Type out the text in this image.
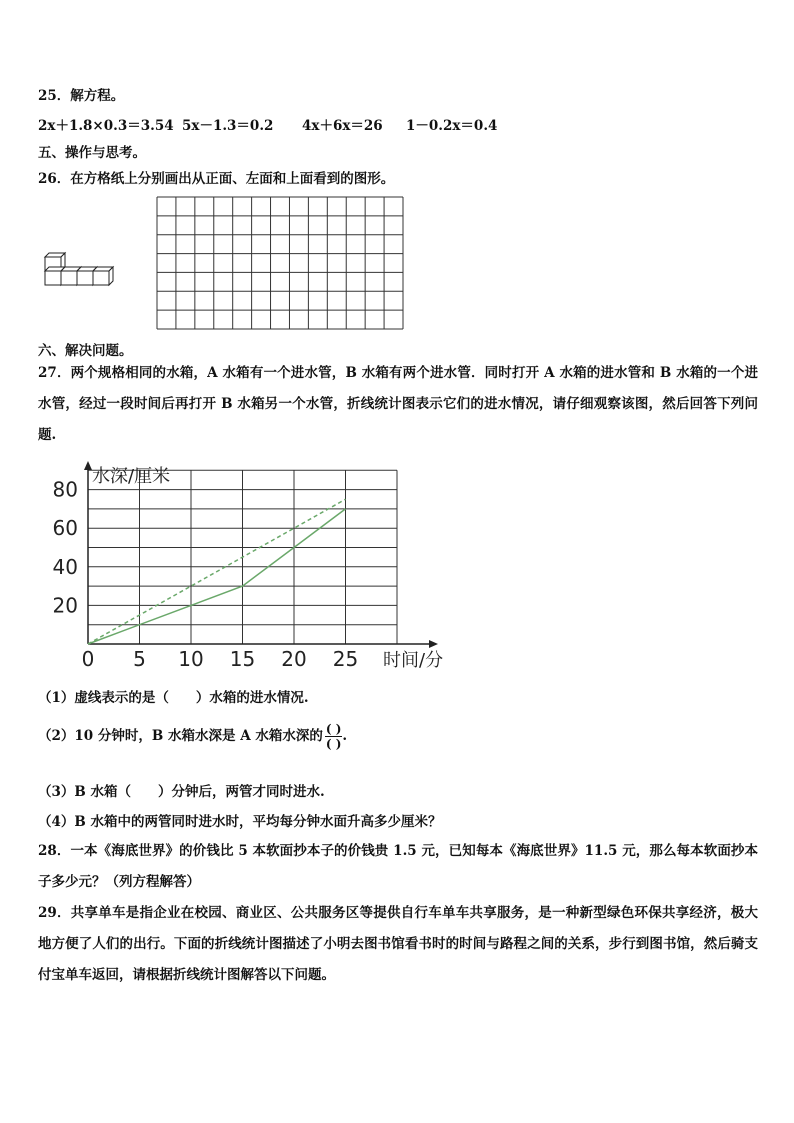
25．解方程。
2x＋1.8×0.3＝3.54 5x－1.3＝0.2 4x＋6x＝26 1－0.2x＝0.4
五、操作与思考。
26．在方格纸上分别画出从正面、左面和上面看到的图形。
六、解决问题。
27．两个规格相同的水箱，A 水箱有一个进水管，B 水箱有两个进水管．同时打开 A 水箱的进水管和 B 水箱的一个进水管，经过一段时间后再打开 B 水箱另一个水管，折线统计图表示它们的进水情况，请仔细观察该图，然后回答下列问题.
水深/厘米
时间/分
0 5 10 15 20 25
20
40
60
80
（1）虚线表示的是（　　）水箱的进水情况.
（2）10 分钟时，B 水箱水深是 A 水箱水深的 $\frac{( )}{( )}$ .
（3）B 水箱（　　）分钟后，两管才同时进水.
（4）B 水箱中的两管同时进水时，平均每分钟水面升高多少厘米？
28．一本《海底世界》的价钱比 5 本软面抄本子的价钱贵 1.5 元，已知每本《海底世界》11.5 元，那么每本软面抄本子多少元？（列方程解答）
29．共享单车是指企业在校园、商业区、公共服务区等提供自行车单车共享服务，是一种新型绿色环保共享经济，极大地方便了人们的出行。下面的折线统计图描述了小明去图书馆看书时的时间与路程之间的关系，步行到图书馆，然后骑支付宝单车返回，请根据折线统计图解答以下问题。
